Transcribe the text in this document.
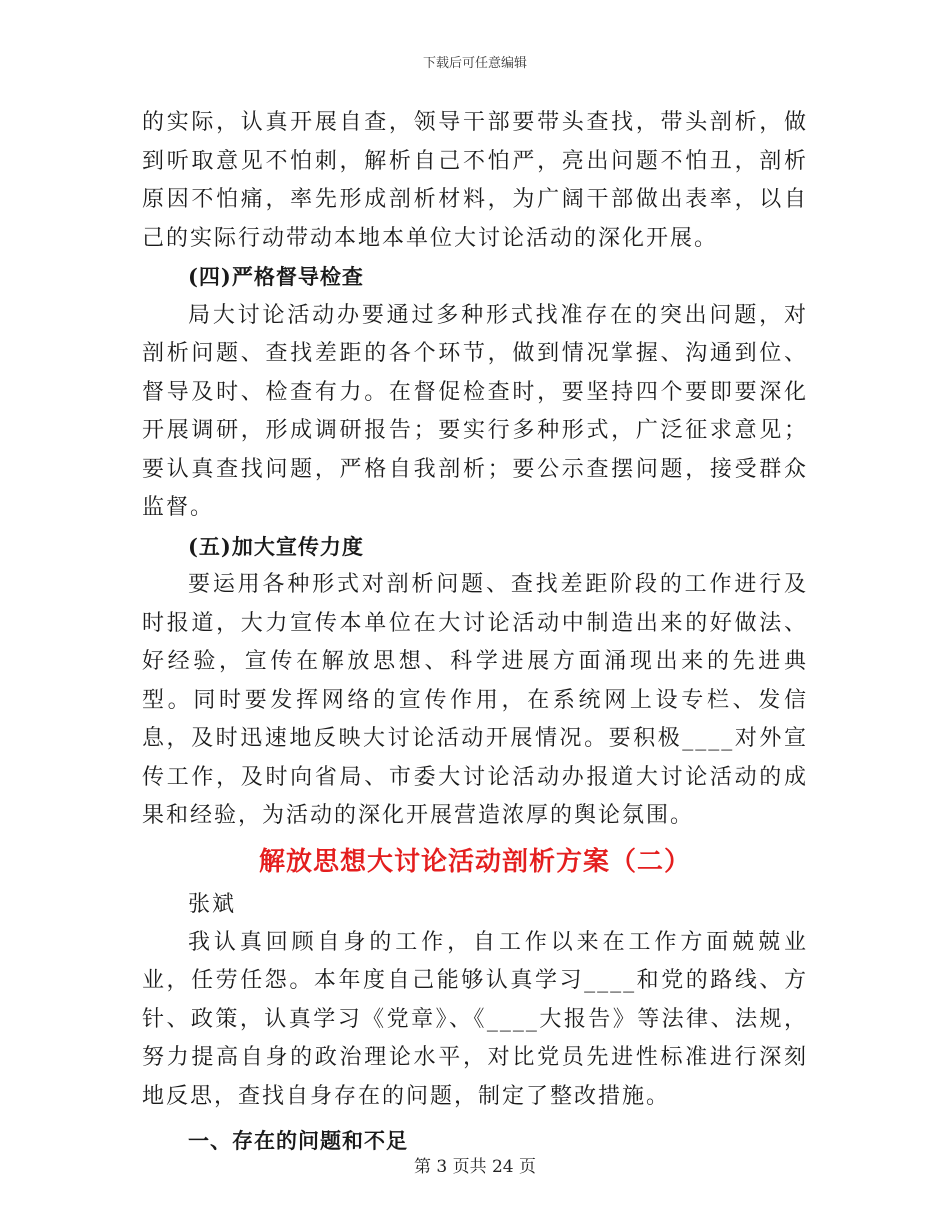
下载后可任意编辑

的实际，认真开展自查，领导干部要带头查找，带头剖析，做到听取意见不怕刺，解析自己不怕严，亮出问题不怕丑，剖析原因不怕痛，率先形成剖析材料，为广阔干部做出表率，以自己的实际行动带动本地本单位大讨论活动的深化开展。

(四)严格督导检查

局大讨论活动办要通过多种形式找准存在的突出问题，对剖析问题、查找差距的各个环节，做到情况掌握、沟通到位、督导及时、检查有力。在督促检查时，要坚持四个要即要深化开展调研，形成调研报告；要实行多种形式，广泛征求意见；要认真查找问题，严格自我剖析；要公示查摆问题，接受群众监督。

(五)加大宣传力度

要运用各种形式对剖析问题、查找差距阶段的工作进行及时报道，大力宣传本单位在大讨论活动中制造出来的好做法、好经验，宣传在解放思想、科学进展方面涌现出来的先进典型。同时要发挥网络的宣传作用，在系统网上设专栏、发信息，及时迅速地反映大讨论活动开展情况。要积极____对外宣传工作，及时向省局、市委大讨论活动办报道大讨论活动的成果和经验，为活动的深化开展营造浓厚的舆论氛围。

解放思想大讨论活动剖析方案（二）
张斌

我认真回顾自身的工作，自工作以来在工作方面兢兢业业，任劳任怨。本年度自己能够认真学习____和党的路线、方针、政策，认真学习《党章》、《____大报告》等法律、法规，努力提高自身的政治理论水平，对比党员先进性标准进行深刻地反思，查找自身存在的问题，制定了整改措施。

一、存在的问题和不足
第 3 页共 24 页
